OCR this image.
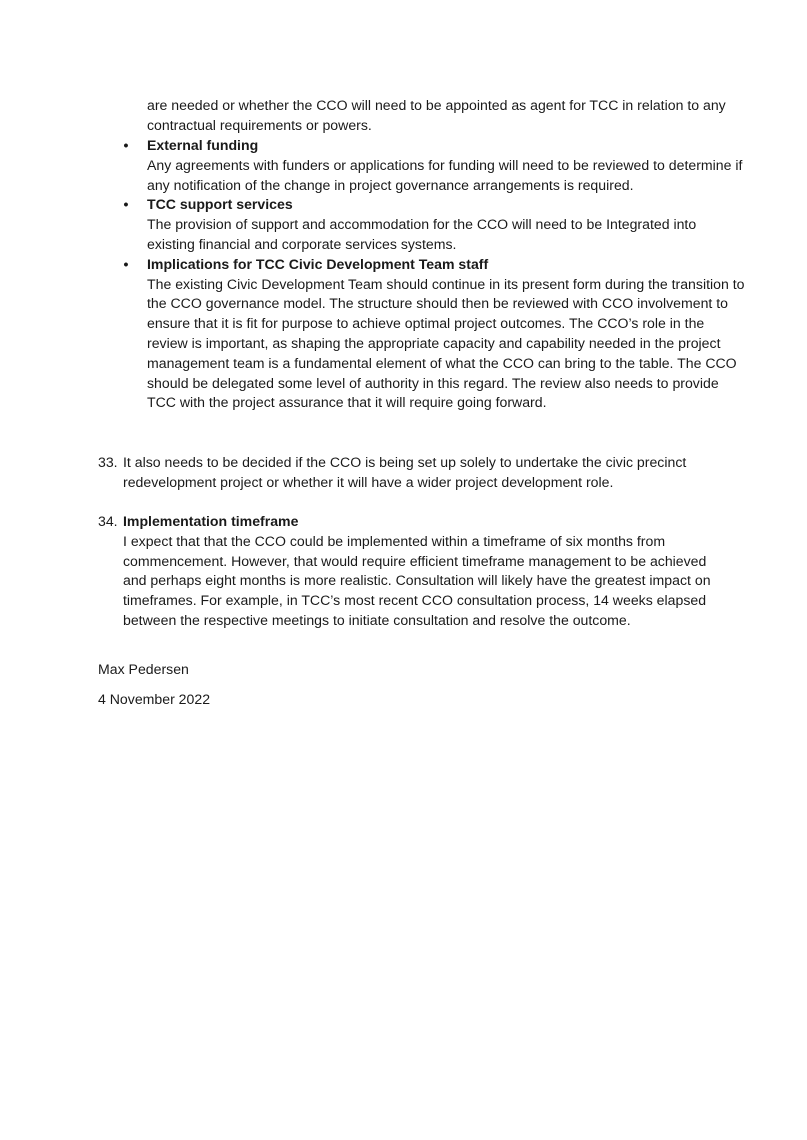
are needed or whether the CCO will need to be appointed as agent for TCC in relation to any contractual requirements or powers.

• External funding
Any agreements with funders or applications for funding will need to be reviewed to determine if any notification of the change in project governance arrangements is required.
• TCC support services
The provision of support and accommodation for the CCO will need to be Integrated into existing financial and corporate services systems.
• Implications for TCC Civic Development Team staff
The existing Civic Development Team should continue in its present form during the transition to the CCO governance model. The structure should then be reviewed with CCO involvement to ensure that it is fit for purpose to achieve optimal project outcomes. The CCO’s role in the review is important, as shaping the appropriate capacity and capability needed in the project management team is a fundamental element of what the CCO can bring to the table. The CCO should be delegated some level of authority in this regard. The review also needs to provide TCC with the project assurance that it will require going forward.
33. It also needs to be decided if the CCO is being set up solely to undertake the civic precinct redevelopment project or whether it will have a wider project development role.
34. Implementation timeframe
I expect that that the CCO could be implemented within a timeframe of six months from commencement. However, that would require efficient timeframe management to be achieved and perhaps eight months is more realistic. Consultation will likely have the greatest impact on timeframes. For example, in TCC’s most recent CCO consultation process, 14 weeks elapsed between the respective meetings to initiate consultation and resolve the outcome.
Max Pedersen
4 November 2022
